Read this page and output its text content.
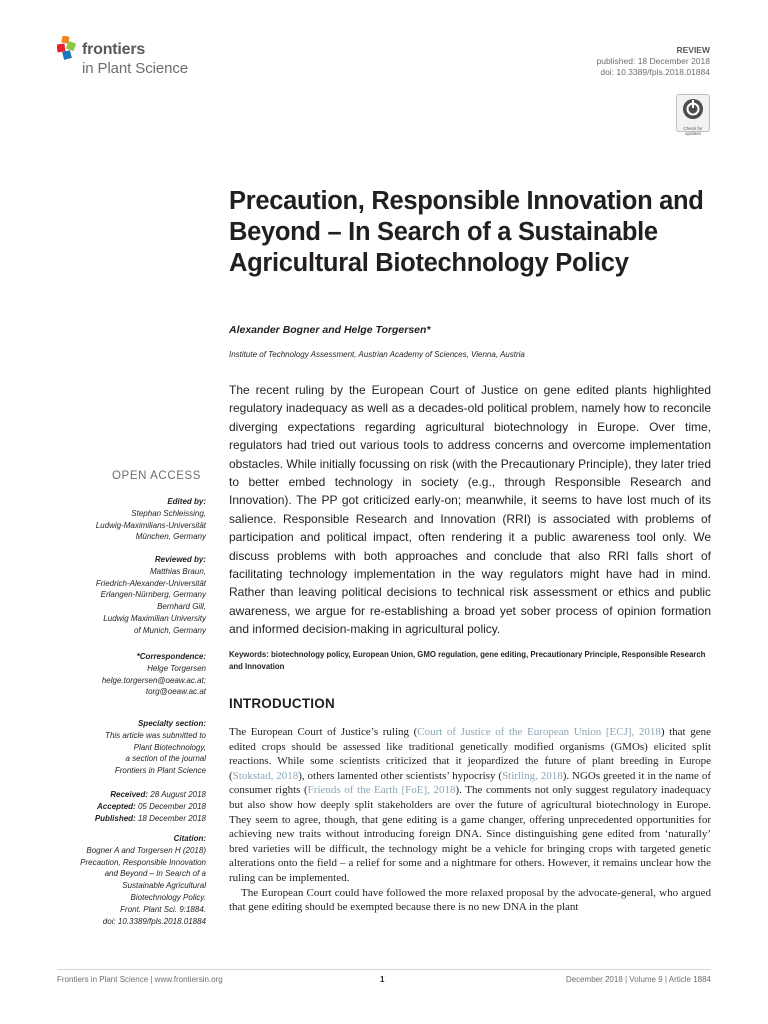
frontiers
in Plant Science
REVIEW
published: 18 December 2018
doi: 10.3389/fpls.2018.01884
Check for updates
Precaution, Responsible Innovation and Beyond – In Search of a Sustainable Agricultural Biotechnology Policy
Alexander Bogner and Helge Torgersen*
Institute of Technology Assessment, Austrian Academy of Sciences, Vienna, Austria
The recent ruling by the European Court of Justice on gene edited plants highlighted regulatory inadequacy as well as a decades-old political problem, namely how to reconcile diverging expectations regarding agricultural biotechnology in Europe. Over time, regulators had tried out various tools to address concerns and overcome implementation obstacles. While initially focussing on risk (with the Precautionary Principle), they later tried to better embed technology in society (e.g., through Responsible Research and Innovation). The PP got criticized early-on; meanwhile, it seems to have lost much of its salience. Responsible Research and Innovation (RRI) is associated with problems of participation and political impact, often rendering it a public awareness tool only. We discuss problems with both approaches and conclude that also RRI falls short of facilitating technology implementation in the way regulators might have had in mind. Rather than leaving political decisions to technical risk assessment or ethics and public awareness, we argue for re-establishing a broad yet sober process of opinion formation and informed decision-making in agricultural policy.
Keywords: biotechnology policy, European Union, GMO regulation, gene editing, Precautionary Principle, Responsible Research and Innovation
INTRODUCTION

The European Court of Justice’s ruling (Court of Justice of the European Union [ECJ], 2018) that gene edited crops should be assessed like traditional genetically modified organisms (GMOs) elicited split reactions. While some scientists criticized that it jeopardized the future of plant breeding in Europe (Stokstad, 2018), others lamented other scientists’ hypocrisy (Stirling, 2018). NGOs greeted it in the name of consumer rights (Friends of the Earth [FoE], 2018). The comments not only suggest regulatory inadequacy but also show how deeply split stakeholders are over the future of agricultural biotechnology in Europe. They seem to agree, though, that gene editing is a game changer, offering unprecedented opportunities for achieving new traits without introducing foreign DNA. Since distinguishing gene edited from ‘naturally’ bred varieties will be difficult, the technology might be a vehicle for bringing crops with targeted genetic alterations onto the field – a relief for some and a nightmare for others. However, it remains unclear how the ruling can be implemented.

The European Court could have followed the more relaxed proposal by the advocate-general, who argued that gene editing should be exempted because there is no new DNA in the plant

OPEN ACCESS
Edited by:
Stephan Schleissing,
Ludwig-Maximilians-Universität
München, Germany
Reviewed by:
Matthias Braun,
Friedrich-Alexander-Universität
Erlangen-Nürnberg, Germany
Bernhard Gill,
Ludwig Maximilian University
of Munich, Germany
*Correspondence:
Helge Torgersen
helge.torgersen@oeaw.ac.at;
torg@oeaw.ac.at
Specialty section:
This article was submitted to
Plant Biotechnology,
a section of the journal
Frontiers in Plant Science
Received: 28 August 2018
Accepted: 05 December 2018
Published: 18 December 2018
Citation:
Bogner A and Torgersen H (2018)
Precaution, Responsible Innovation
and Beyond – In Search of a
Sustainable Agricultural
Biotechnology Policy.
Front. Plant Sci. 9:1884.
doi: 10.3389/fpls.2018.01884
Frontiers in Plant Science | www.frontiersin.org	1	December 2018 | Volume 9 | Article 1884
